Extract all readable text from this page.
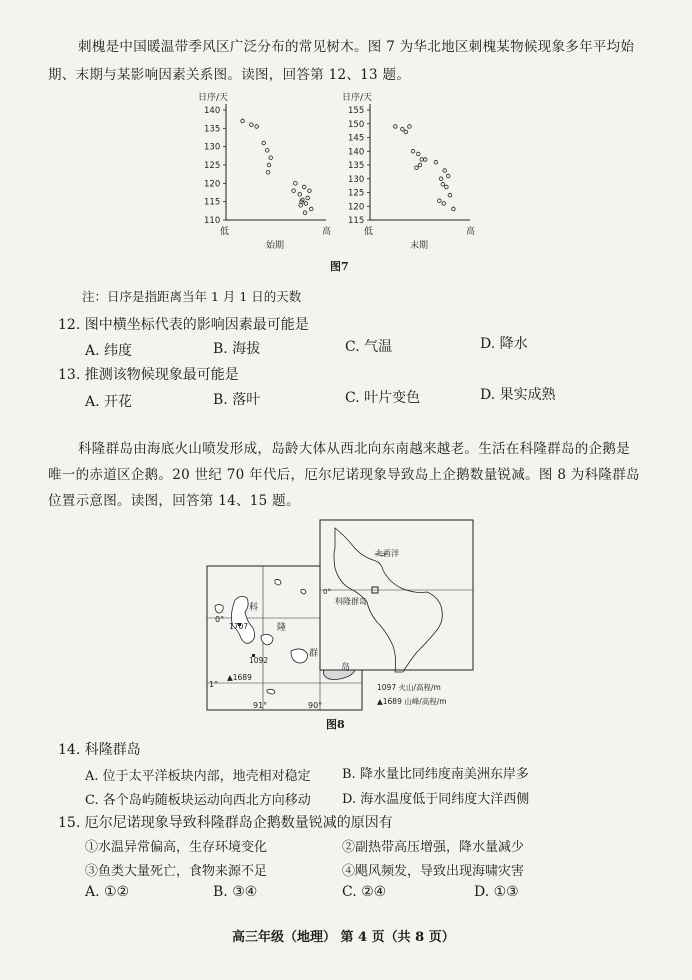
刺槐是中国暖温带季风区广泛分布的常见树木。图 7 为华北地区刺槐某物候现象多年平均始
期、末期与某影响因素关系图。读图，回答第 12、13 题。
日序/天
140
135
130
125
120
115
110
低	高
始期
日序/天
155
150
145
140
135
130
125
120
115
低	高
末期
图7
注：日序是指距离当年 1 月 1 日的天数
12. 图中横坐标代表的影响因素最可能是
A. 纬度	B. 海拔	C. 气温	D. 降水
13. 推测该物候现象最可能是
A. 开花	B. 落叶	C. 叶片变色	D. 果实成熟
科隆群岛由海底火山喷发形成，岛龄大体从西北向东南越来越老。生活在科隆群岛的企鹅是
唯一的赤道区企鹅。20 世纪 70 年代后，厄尔尼诺现象导致岛上企鹅数量锐减。图 8 为科隆群岛
位置示意图。读图，回答第 14、15 题。
0°
1°
91°	90°
科
隆
群
岛
1707
1092
▲1689
大西洋
科隆群岛
0°
1097 火山/高程/m
▲1689 山峰/高程/m
图8
14. 科隆群岛
A. 位于太平洋板块内部，地壳相对稳定 B. 降水量比同纬度南美洲东岸多
C. 各个岛屿随板块运动向西北方向移动 D. 海水温度低于同纬度大洋西侧
15. 厄尔尼诺现象导致科隆群岛企鹅数量锐减的原因有
①水温异常偏高，生存环境变化	②副热带高压增强，降水量减少
③鱼类大量死亡，食物来源不足	④飓风频发，导致出现海啸灾害
A. ①②	B. ③④	C. ②④	D. ①③
高三年级（地理） 第 4 页（共 8 页）
